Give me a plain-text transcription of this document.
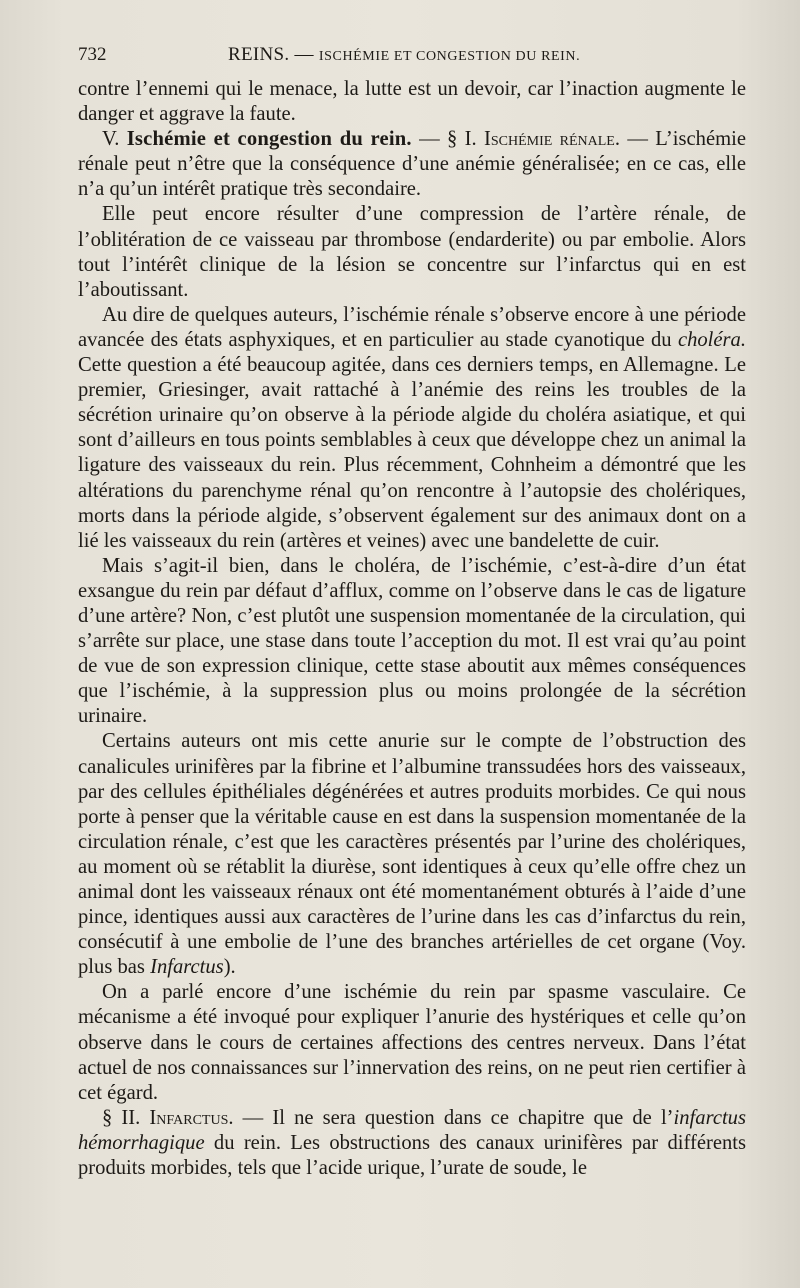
732	REINS. — ISCHÉMIE ET CONGESTION DU REIN.

contre l’ennemi qui le menace, la lutte est un devoir, car l’inaction augmente le danger et aggrave la faute.

V. Ischémie et congestion du rein. — § I. Ischémie rénale. — L’ischémie rénale peut n’être que la conséquence d’une anémie généralisée; en ce cas, elle n’a qu’un intérêt pratique très secondaire.

Elle peut encore résulter d’une compression de l’artère rénale, de l’oblitération de ce vaisseau par thrombose (endarderite) ou par embolie. Alors tout l’intérêt clinique de la lésion se concentre sur l’infarctus qui en est l’aboutissant.

Au dire de quelques auteurs, l’ischémie rénale s’observe encore à une période avancée des états asphyxiques, et en particulier au stade cyanotique du choléra. Cette question a été beaucoup agitée, dans ces derniers temps, en Allemagne. Le premier, Griesinger, avait rattaché à l’anémie des reins les troubles de la sécrétion urinaire qu’on observe à la période algide du choléra asiatique, et qui sont d’ailleurs en tous points semblables à ceux que développe chez un animal la ligature des vaisseaux du rein. Plus récemment, Cohnheim a démontré que les altérations du parenchyme rénal qu’on rencontre à l’autopsie des cholériques, morts dans la période algide, s’observent également sur des animaux dont on a lié les vaisseaux du rein (artères et veines) avec une bandelette de cuir.

Mais s’agit-il bien, dans le choléra, de l’ischémie, c’est-à-dire d’un état exsangue du rein par défaut d’afflux, comme on l’observe dans le cas de ligature d’une artère? Non, c’est plutôt une suspension momentanée de la circulation, qui s’arrête sur place, une stase dans toute l’acception du mot. Il est vrai qu’au point de vue de son expression clinique, cette stase aboutit aux mêmes conséquences que l’ischémie, à la suppression plus ou moins prolongée de la sécrétion urinaire.

Certains auteurs ont mis cette anurie sur le compte de l’obstruction des canalicules urinifères par la fibrine et l’albumine transsudées hors des vaisseaux, par des cellules épithéliales dégénérées et autres produits morbides. Ce qui nous porte à penser que la véritable cause en est dans la suspension momentanée de la circulation rénale, c’est que les caractères présentés par l’urine des cholériques, au moment où se rétablit la diurèse, sont identiques à ceux qu’elle offre chez un animal dont les vaisseaux rénaux ont été momentanément obturés à l’aide d’une pince, identiques aussi aux caractères de l’urine dans les cas d’infarctus du rein, consécutif à une embolie de l’une des branches artérielles de cet organe (Voy. plus bas Infarctus).

On a parlé encore d’une ischémie du rein par spasme vasculaire. Ce mécanisme a été invoqué pour expliquer l’anurie des hystériques et celle qu’on observe dans le cours de certaines affections des centres nerveux. Dans l’état actuel de nos connaissances sur l’innervation des reins, on ne peut rien certifier à cet égard.

§ II. Infarctus. — Il ne sera question dans ce chapitre que de l’infarctus hémorrhagique du rein. Les obstructions des canaux urinifères par différents produits morbides, tels que l’acide urique, l’urate de soude, le
